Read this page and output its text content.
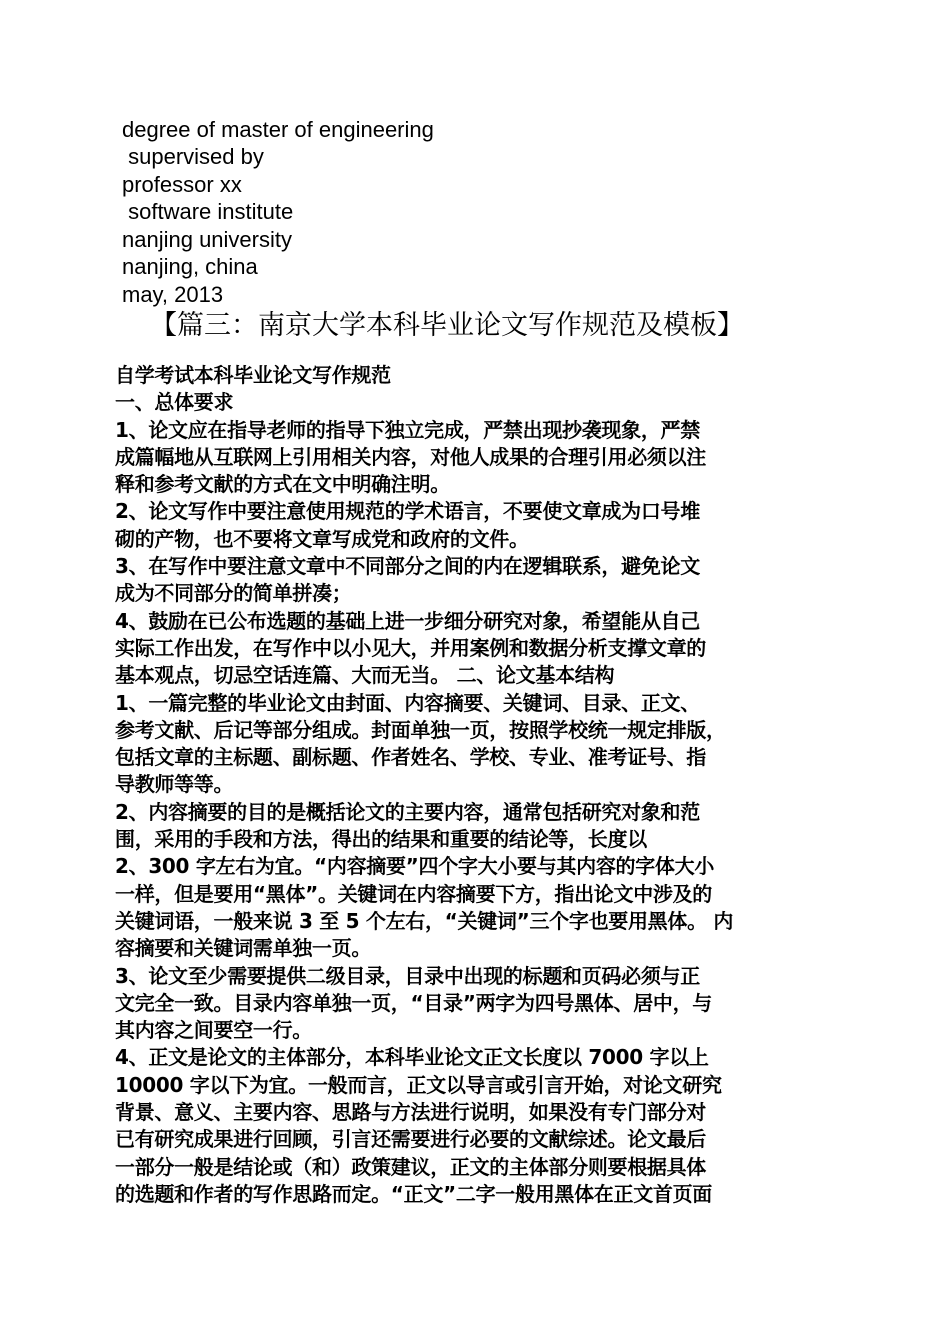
degree of master of engineering
supervised by
professor xx
software institute
nanjing university
nanjing, china
may, 2013
【篇三：南京大学本科毕业论文写作规范及模板】
自学考试本科毕业论文写作规范
一、总体要求
1、论文应在指导老师的指导下独立完成，严禁出现抄袭现象，严禁
成篇幅地从互联网上引用相关内容，对他人成果的合理引用必须以注
释和参考文献的方式在文中明确注明。
2、论文写作中要注意使用规范的学术语言，不要使文章成为口号堆
砌的产物，也不要将文章写成党和政府的文件。
3、在写作中要注意文章中不同部分之间的内在逻辑联系，避免论文
成为不同部分的简单拼凑；
4、鼓励在已公布选题的基础上进一步细分研究对象，希望能从自己
实际工作出发，在写作中以小见大，并用案例和数据分析支撑文章的
基本观点，切忌空话连篇、大而无当。 二、论文基本结构
1、一篇完整的毕业论文由封面、内容摘要、关键词、目录、正文、
参考文献、后记等部分组成。封面单独一页，按照学校统一规定排版，
包括文章的主标题、副标题、作者姓名、学校、专业、准考证号、指
导教师等等。
2、内容摘要的目的是概括论文的主要内容，通常包括研究对象和范
围，采用的手段和方法，得出的结果和重要的结论等，长度以
2、300 字左右为宜。“内容摘要”四个字大小要与其内容的字体大小
一样，但是要用“黑体”。关键词在内容摘要下方，指出论文中涉及的
关键词语，一般来说 3 至 5 个左右，“关键词”三个字也要用黑体。 内
容摘要和关键词需单独一页。
3、论文至少需要提供二级目录，目录中出现的标题和页码必须与正
文完全一致。目录内容单独一页，“目录”两字为四号黑体、居中，与
其内容之间要空一行。
4、正文是论文的主体部分，本科毕业论文正文长度以 7000 字以上
10000 字以下为宜。一般而言，正文以导言或引言开始，对论文研究
背景、意义、主要内容、思路与方法进行说明，如果没有专门部分对
已有研究成果进行回顾，引言还需要进行必要的文献综述。论文最后
一部分一般是结论或（和）政策建议，正文的主体部分则要根据具体
的选题和作者的写作思路而定。“正文”二字一般用黑体在正文首页面
